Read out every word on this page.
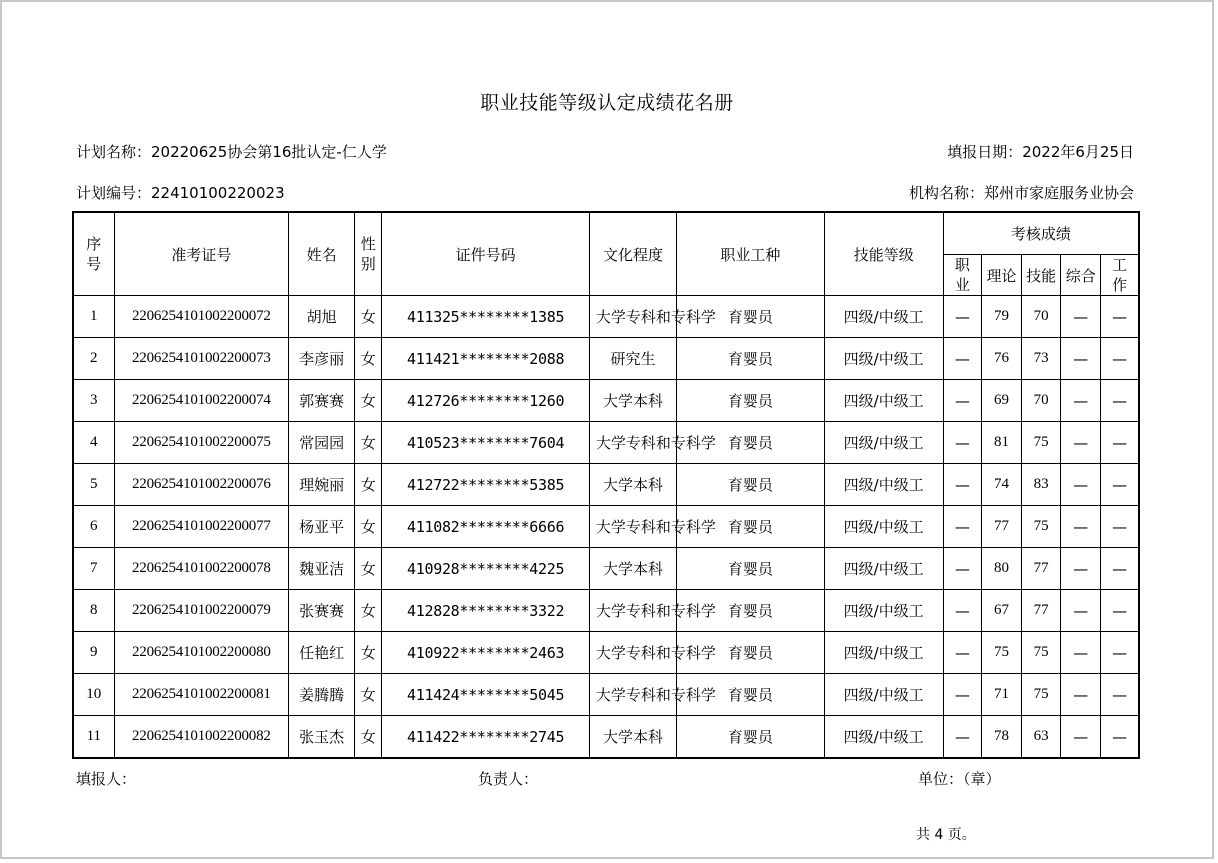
职业技能等级认定成绩花名册
计划名称：20220625协会第16批认定-仁人学	填报日期：2022年6月25日
计划编号：22410100220023	机构名称：郑州市家庭服务业协会
序号	准考证号	姓名	性别	证件号码	文化程度	职业工种	技能等级	考核成绩				
								职业	理论	技能	综合	工作
1	2206254101002200072	胡旭	女	411325********1385	大学专科和专科学	育婴员	四级/中级工	—	79	70	—	—
2	2206254101002200073	李彦丽	女	411421********2088	研究生	育婴员	四级/中级工	—	76	73	—	—
3	2206254101002200074	郭赛赛	女	412726********1260	大学本科	育婴员	四级/中级工	—	69	70	—	—
4	2206254101002200075	常园园	女	410523********7604	大学专科和专科学	育婴员	四级/中级工	—	81	75	—	—
5	2206254101002200076	理婉丽	女	412722********5385	大学本科	育婴员	四级/中级工	—	74	83	—	—
6	2206254101002200077	杨亚平	女	411082********6666	大学专科和专科学	育婴员	四级/中级工	—	77	75	—	—
7	2206254101002200078	魏亚洁	女	410928********4225	大学本科	育婴员	四级/中级工	—	80	77	—	—
8	2206254101002200079	张赛赛	女	412828********3322	大学专科和专科学	育婴员	四级/中级工	—	67	77	—	—
9	2206254101002200080	任艳红	女	410922********2463	大学专科和专科学	育婴员	四级/中级工	—	75	75	—	—
10	2206254101002200081	姜腾腾	女	411424********5045	大学专科和专科学	育婴员	四级/中级工	—	71	75	—	—
11	2206254101002200082	张玉杰	女	411422********2745	大学本科	育婴员	四级/中级工	—	78	63	—	—
填报人：	负责人：	单位：（章）
共 4 页。
